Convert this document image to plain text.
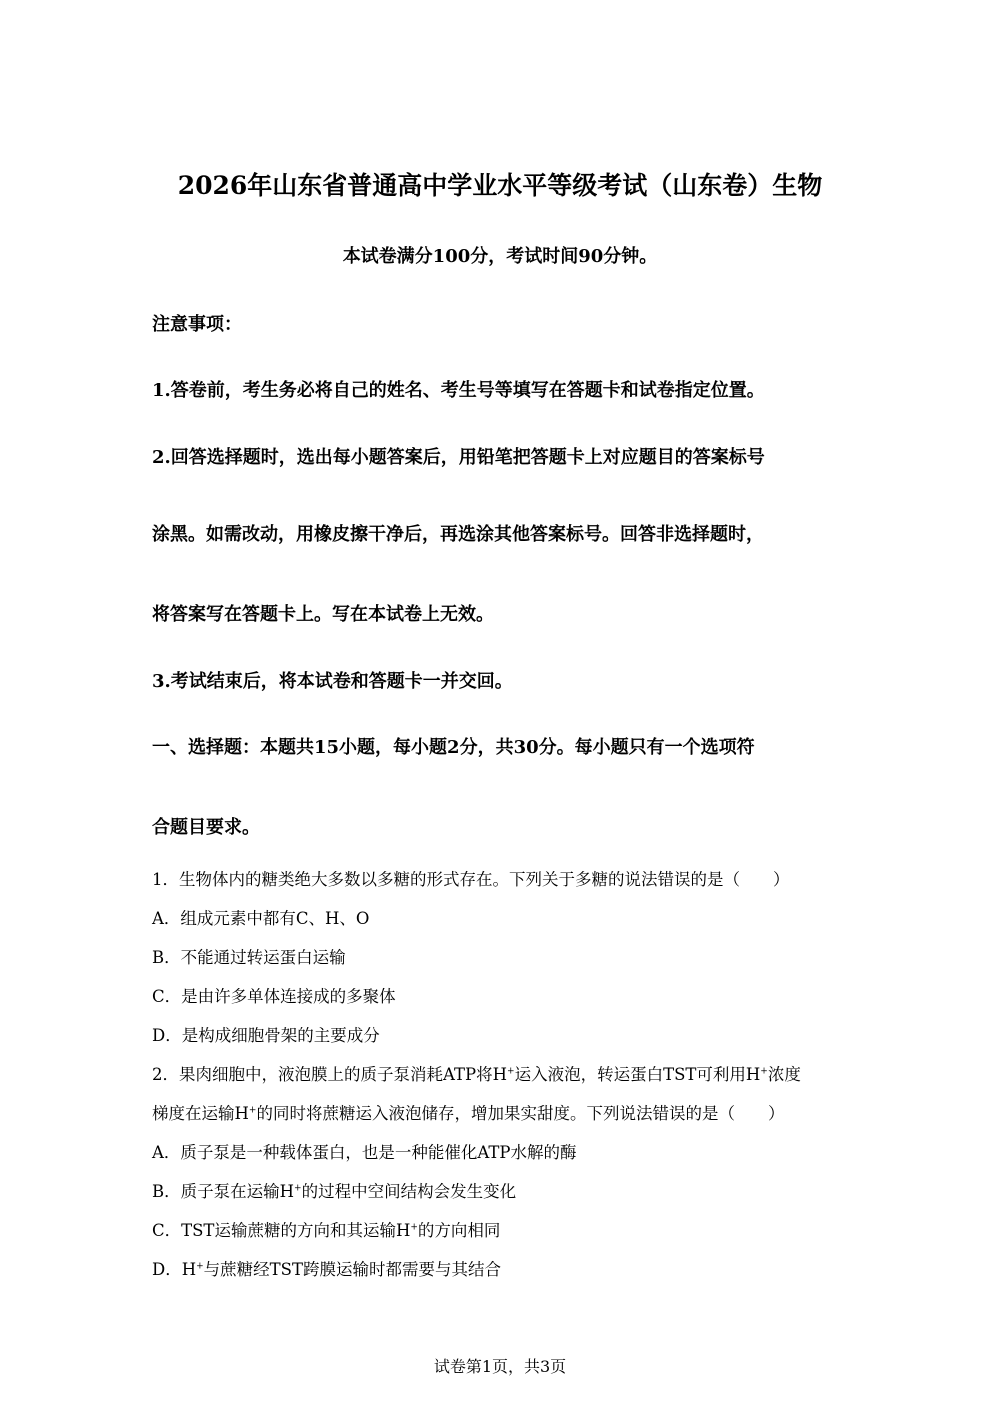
2026年山东省普通高中学业水平等级考试（山东卷）生物
本试卷满分100分，考试时间90分钟。
注意事项：
1.答卷前，考生务必将自己的姓名、考生号等填写在答题卡和试卷指定位置。
2.回答选择题时，选出每小题答案后，用铅笔把答题卡上对应题目的答案标号
涂黑。如需改动，用橡皮擦干净后，再选涂其他答案标号。回答非选择题时，
将答案写在答题卡上。写在本试卷上无效。
3.考试结束后，将本试卷和答题卡一并交回。
一、选择题：本题共15小题，每小题2分，共30分。每小题只有一个选项符
合题目要求。
1．生物体内的糖类绝大多数以多糖的形式存在。下列关于多糖的说法错误的是（　　）
A．组成元素中都有C、H、O
B．不能通过转运蛋白运输
C．是由许多单体连接成的多聚体
D．是构成细胞骨架的主要成分
2．果肉细胞中，液泡膜上的质子泵消耗ATP将H+运入液泡，转运蛋白TST可利用H+浓度
梯度在运输H+的同时将蔗糖运入液泡储存，增加果实甜度。下列说法错误的是（　　）
A．质子泵是一种载体蛋白，也是一种能催化ATP水解的酶
B．质子泵在运输H+的过程中空间结构会发生变化
C．TST运输蔗糖的方向和其运输H+的方向相同
D．H+与蔗糖经TST跨膜运输时都需要与其结合
试卷第1页，共3页
